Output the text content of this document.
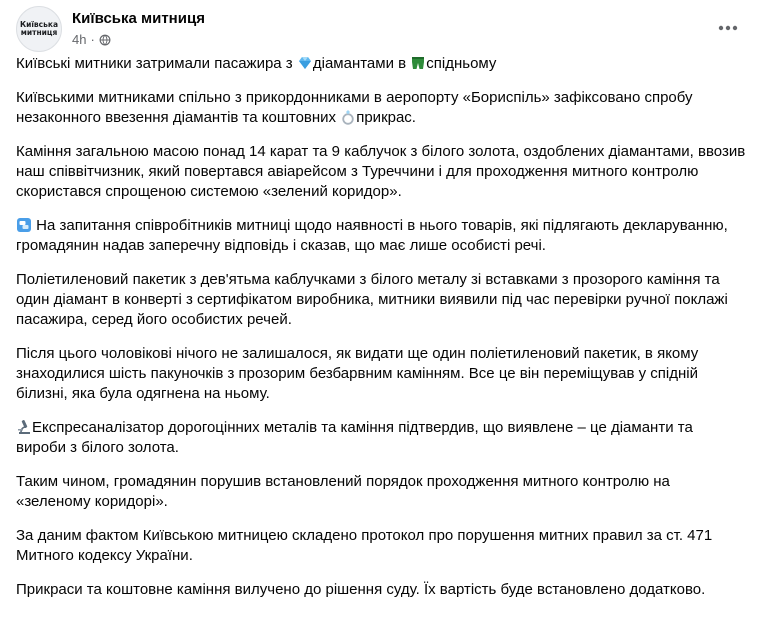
Київська
митниця
Київська митниця
4h ·

Київські митники затримали пасажира з діамантами в спідньому

Київськими митниками спільно з прикордонниками в аеропорту «Бориспіль» зафіксовано спробу незаконного ввезення діамантів та коштовних прикрас.

Каміння загальною масою понад 14 карат та 9 каблучок з білого золота, оздоблених діамантами, ввозив наш співвітчизник, який повертався авіарейсом з Туреччини і для проходження митного контролю скористався спрощеною системою «зелений коридор».

На запитання співробітників митниці щодо наявності в нього товарів, які підлягають декларуванню, громадянин надав заперечну відповідь і сказав, що має лише особисті речі.

Поліетиленовий пакетик з дев'ятьма каблучками з білого металу зі вставками з прозорого каміння та один діамант в конверті з сертифікатом виробника, митники виявили під час перевірки ручної поклажі пасажира, серед його особистих речей.

Після цього чоловікові нічого не залишалося, як видати ще один поліетиленовий пакетик, в якому знаходилися шість пакуночків з прозорим безбарвним камінням. Все це він переміщував у спідній білизні, яка була одягнена на ньому.

Експресаналізатор дорогоцінних металів та каміння підтвердив, що виявлене – це діаманти та вироби з білого золота.

Таким чином, громадянин порушив встановлений порядок проходження митного контролю на «зеленому коридорі».

За даним фактом Київською митницею складено протокол про порушення митних правил за ст. 471 Митного кодексу України.

Прикраси та коштовне каміння вилучено до рішення суду. Їх вартість буде встановлено додатково.
